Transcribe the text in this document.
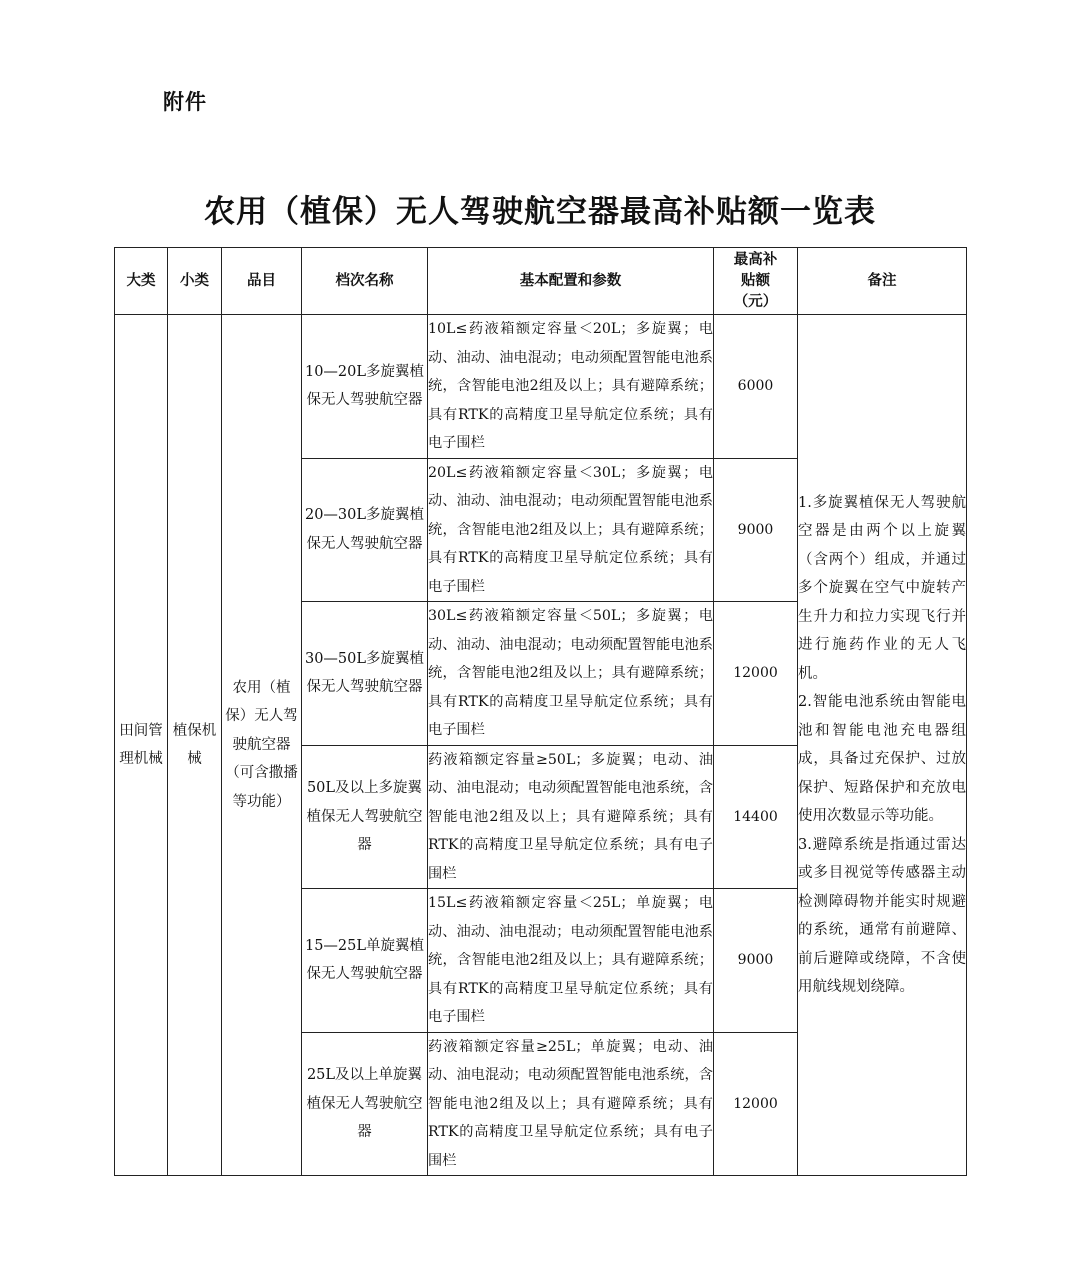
附件
农用（植保）无人驾驶航空器最高补贴额一览表
大类	小类	品目	档次名称	基本配置和参数	最高补贴额（元）	备注
田间管理机械	植保机械	农用（植保）无人驾驶航空器（可含撒播等功能）	10—20L多旋翼植保无人驾驶航空器	10L≤药液箱额定容量＜20L；多旋翼；电动、油动、油电混动；电动须配置智能电池系统，含智能电池2组及以上；具有避障系统；具有RTK的高精度卫星导航定位系统；具有电子围栏	6000	1.多旋翼植保无人驾驶航空器是由两个以上旋翼（含两个）组成，并通过多个旋翼在空气中旋转产生升力和拉力实现飞行并进行施药作业的无人飞机。
2.智能电池系统由智能电池和智能电池充电器组成，具备过充保护、过放保护、短路保护和充放电使用次数显示等功能。
3.避障系统是指通过雷达或多目视觉等传感器主动检测障碍物并能实时规避的系统，通常有前避障、前后避障或绕障，不含使用航线规划绕障。

			20—30L多旋翼植保无人驾驶航空器	20L≤药液箱额定容量＜30L；多旋翼；电动、油动、油电混动；电动须配置智能电池系统，含智能电池2组及以上；具有避障系统；具有RTK的高精度卫星导航定位系统；具有电子围栏	9000	
			30—50L多旋翼植保无人驾驶航空器	30L≤药液箱额定容量＜50L；多旋翼；电动、油动、油电混动；电动须配置智能电池系统，含智能电池2组及以上；具有避障系统；具有RTK的高精度卫星导航定位系统；具有电子围栏	12000	
			50L及以上多旋翼植保无人驾驶航空器	药液箱额定容量≥50L；多旋翼；电动、油动、油电混动；电动须配置智能电池系统，含智能电池2组及以上；具有避障系统；具有RTK的高精度卫星导航定位系统；具有电子围栏	14400	
			15—25L单旋翼植保无人驾驶航空器	15L≤药液箱额定容量＜25L；单旋翼；电动、油动、油电混动；电动须配置智能电池系统，含智能电池2组及以上；具有避障系统；具有RTK的高精度卫星导航定位系统；具有电子围栏	9000	
			25L及以上单旋翼植保无人驾驶航空器	药液箱额定容量≥25L；单旋翼；电动、油动、油电混动；电动须配置智能电池系统，含智能电池2组及以上；具有避障系统；具有RTK的高精度卫星导航定位系统；具有电子围栏	12000	
